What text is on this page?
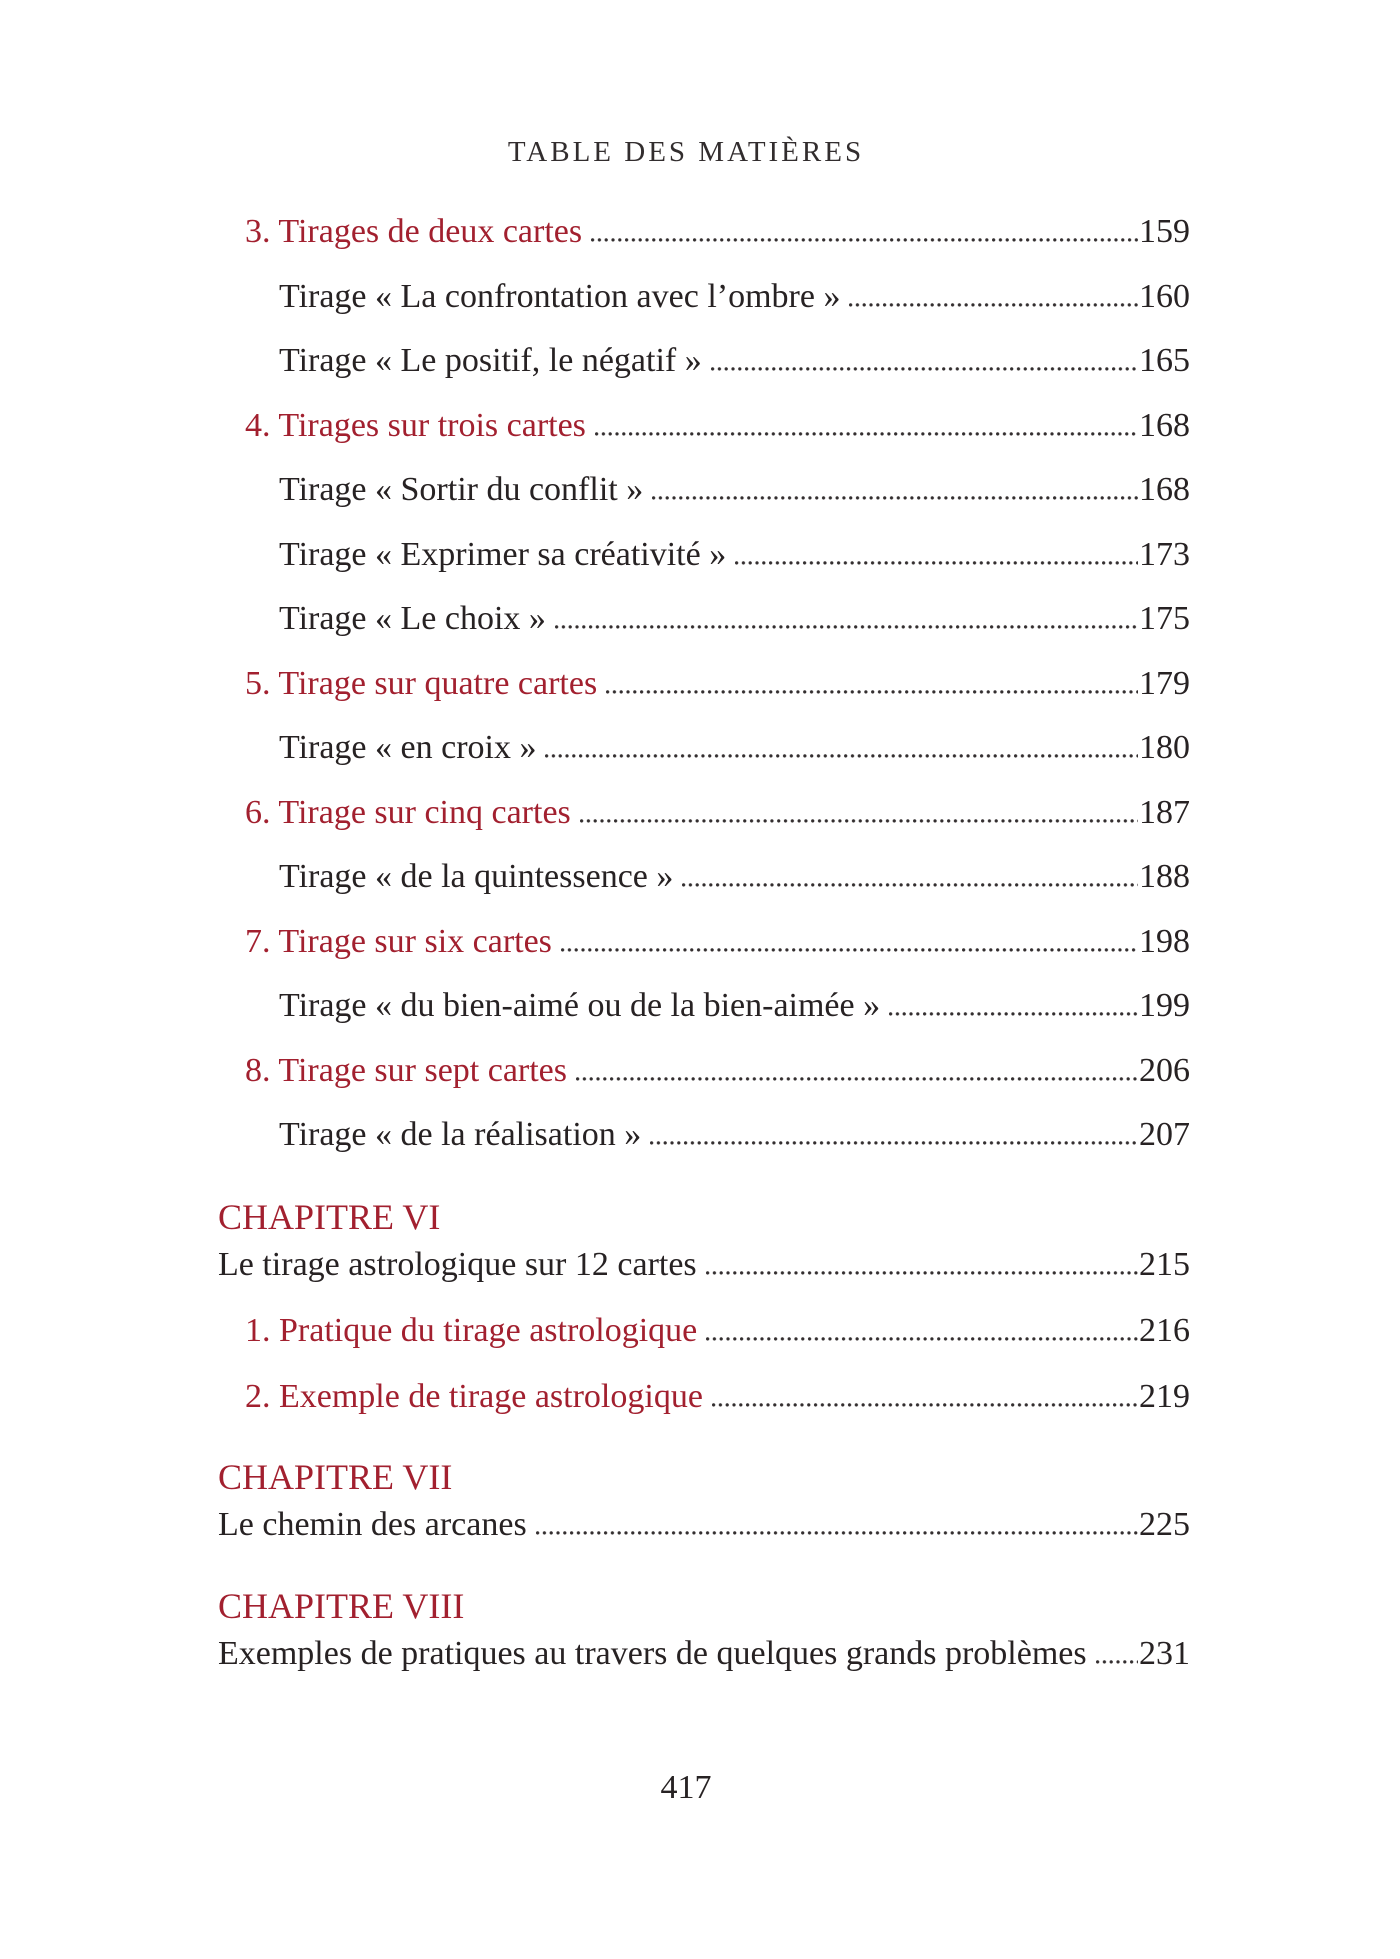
TABLE DES MATIÈRES
3. Tirages de deux cartes	159
Tirage « La confrontation avec l’ombre »	160
Tirage « Le positif, le négatif »	165
4. Tirages sur trois cartes	168
Tirage « Sortir du conflit »	168
Tirage « Exprimer sa créativité »	173
Tirage « Le choix »	175
5. Tirage sur quatre cartes	179
Tirage « en croix »	180
6. Tirage sur cinq cartes	187
Tirage « de la quintessence »	188
7. Tirage sur six cartes	198
Tirage « du bien-aimé ou de la bien-aimée »	199
8. Tirage sur sept cartes	206
Tirage « de la réalisation »	207
CHAPITRE VI
Le tirage astrologique sur 12 cartes	215
1. Pratique du tirage astrologique	216
2. Exemple de tirage astrologique	219
CHAPITRE VII
Le chemin des arcanes	225
CHAPITRE VIII
Exemples de pratiques au travers de quelques grands problèmes 231
417
